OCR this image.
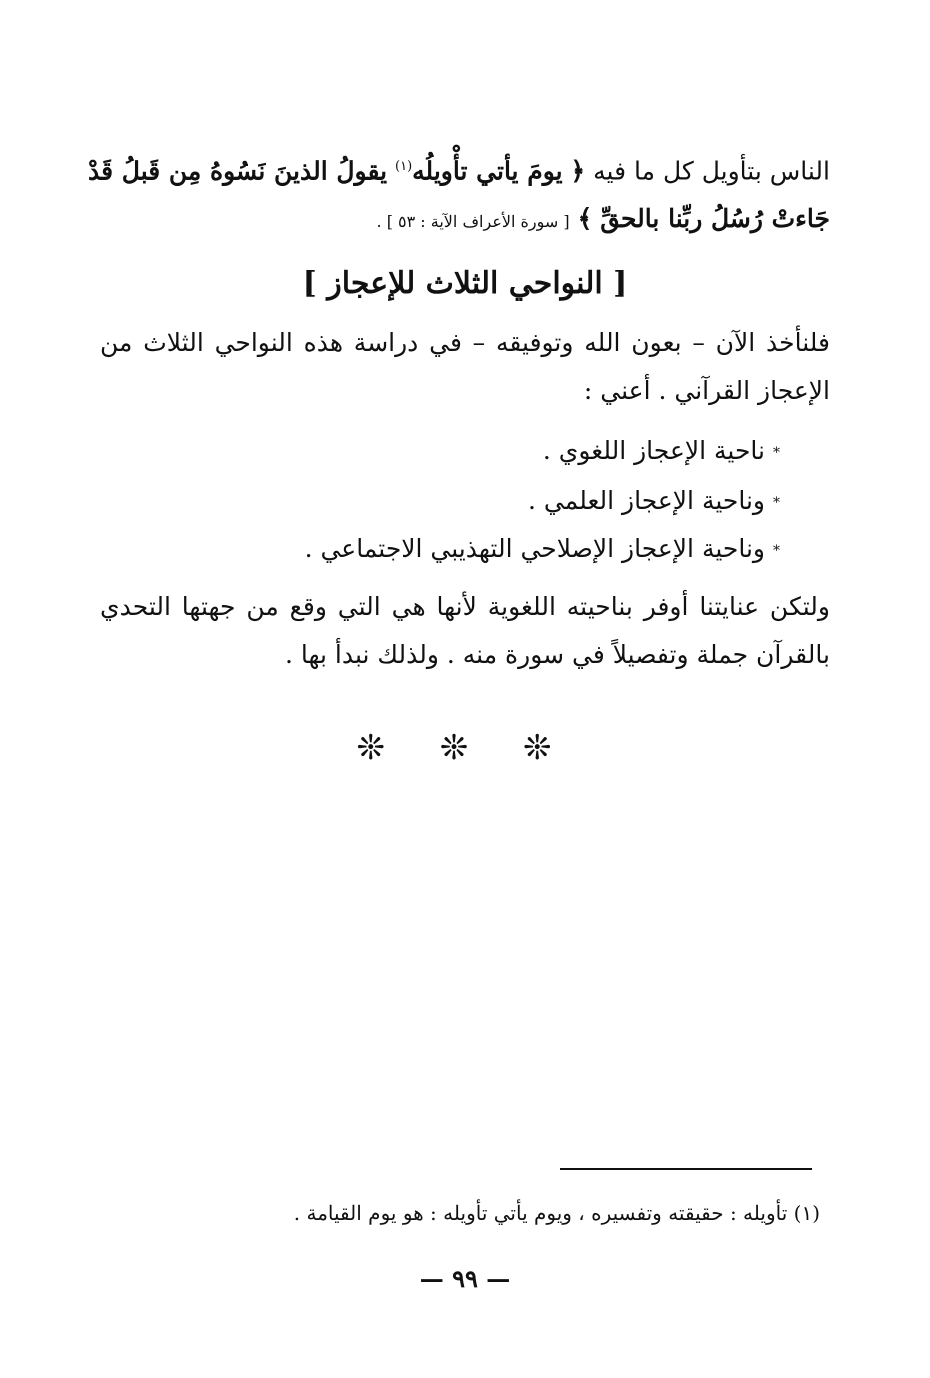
الناس بتأويل كل ما فيه ﴿ يومَ يأتي تأْويلُه$^{(١)}$ يقولُ الذينَ نَسُوهُ مِن قَبلُ قَدْ
جَاءتْ رُسُلُ ربِّنا بالحقِّ ﴾ [ سورة الأعراف الآية : ٥٣ ] .
[ النواحي الثلاث للإعجاز ]
فلنأخذ الآن – بعون الله وتوفيقه – في دراسة هذه النواحي الثلاث من
الإعجاز القرآني . أعني :
*ناحية الإعجاز اللغوي .
*وناحية الإعجاز العلمي .
*وناحية الإعجاز الإصلاحي التهذيبي الاجتماعي .
ولتكن عنايتنا أوفر بناحيته اللغوية لأنها هي التي وقع من جهتها التحدي
بالقرآن جملة وتفصيلاً في سورة منه . ولذلك نبدأ بها .
❊ ❊ ❊
(١) تأويله : حقيقته وتفسيره ، ويوم يأتي تأويله : هو يوم القيامة .
— ٩٩ —
